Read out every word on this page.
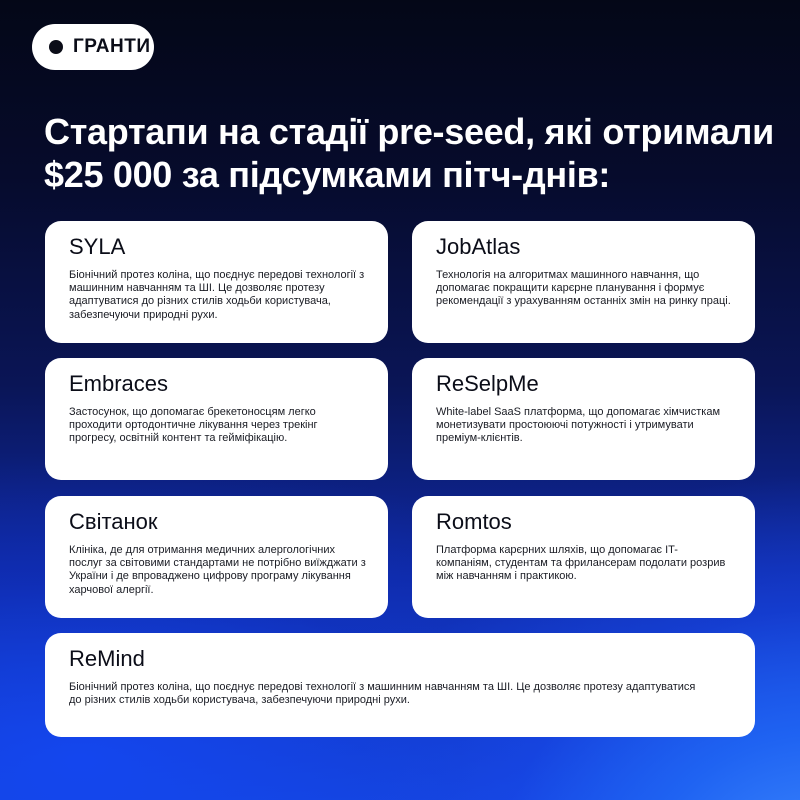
ГРАНТИ
Стартапи на стадії pre-seed, які отримали $25 000 за підсумками пітч-днів:
SYLA

Біонічний протез коліна, що поєднує передові технології з машинним навчанням та ШІ. Це дозволяє протезу адаптуватися до різних стилів ходьби користувача, забезпечуючи природні рухи.

JobAtlas

Технологія на алгоритмах машинного навчання, що допомагає покращити карєрне планування і формує рекомендації з урахуванням останніх змін на ринку праці.

Embraces

Застосунок, що допомагає брекетоносцям легко проходити ортодонтичне лікування через трекінг прогресу, освітній контент та гейміфікацію.

ReSelpMe

White-label SaaS платформа, що допомагає хімчисткам монетизувати простоюючі потужності і утримувати преміум-клієнтів.

Світанок

Клініка, де для отримання медичних алергологічних послуг за світовими стандартами не потрібно виїжджати з України і де впроваджено цифрову програму лікування харчової алергії.

Romtos

Платформа карєрних шляхів, що допомагає IT-компаніям, студентам та фрилансерам подолати розрив між навчанням і практикою.

ReMind

Біонічний протез коліна, що поєднує передові технології з машинним навчанням та ШІ. Це дозволяє протезу адаптуватися до різних стилів ходьби користувача, забезпечуючи природні рухи.
